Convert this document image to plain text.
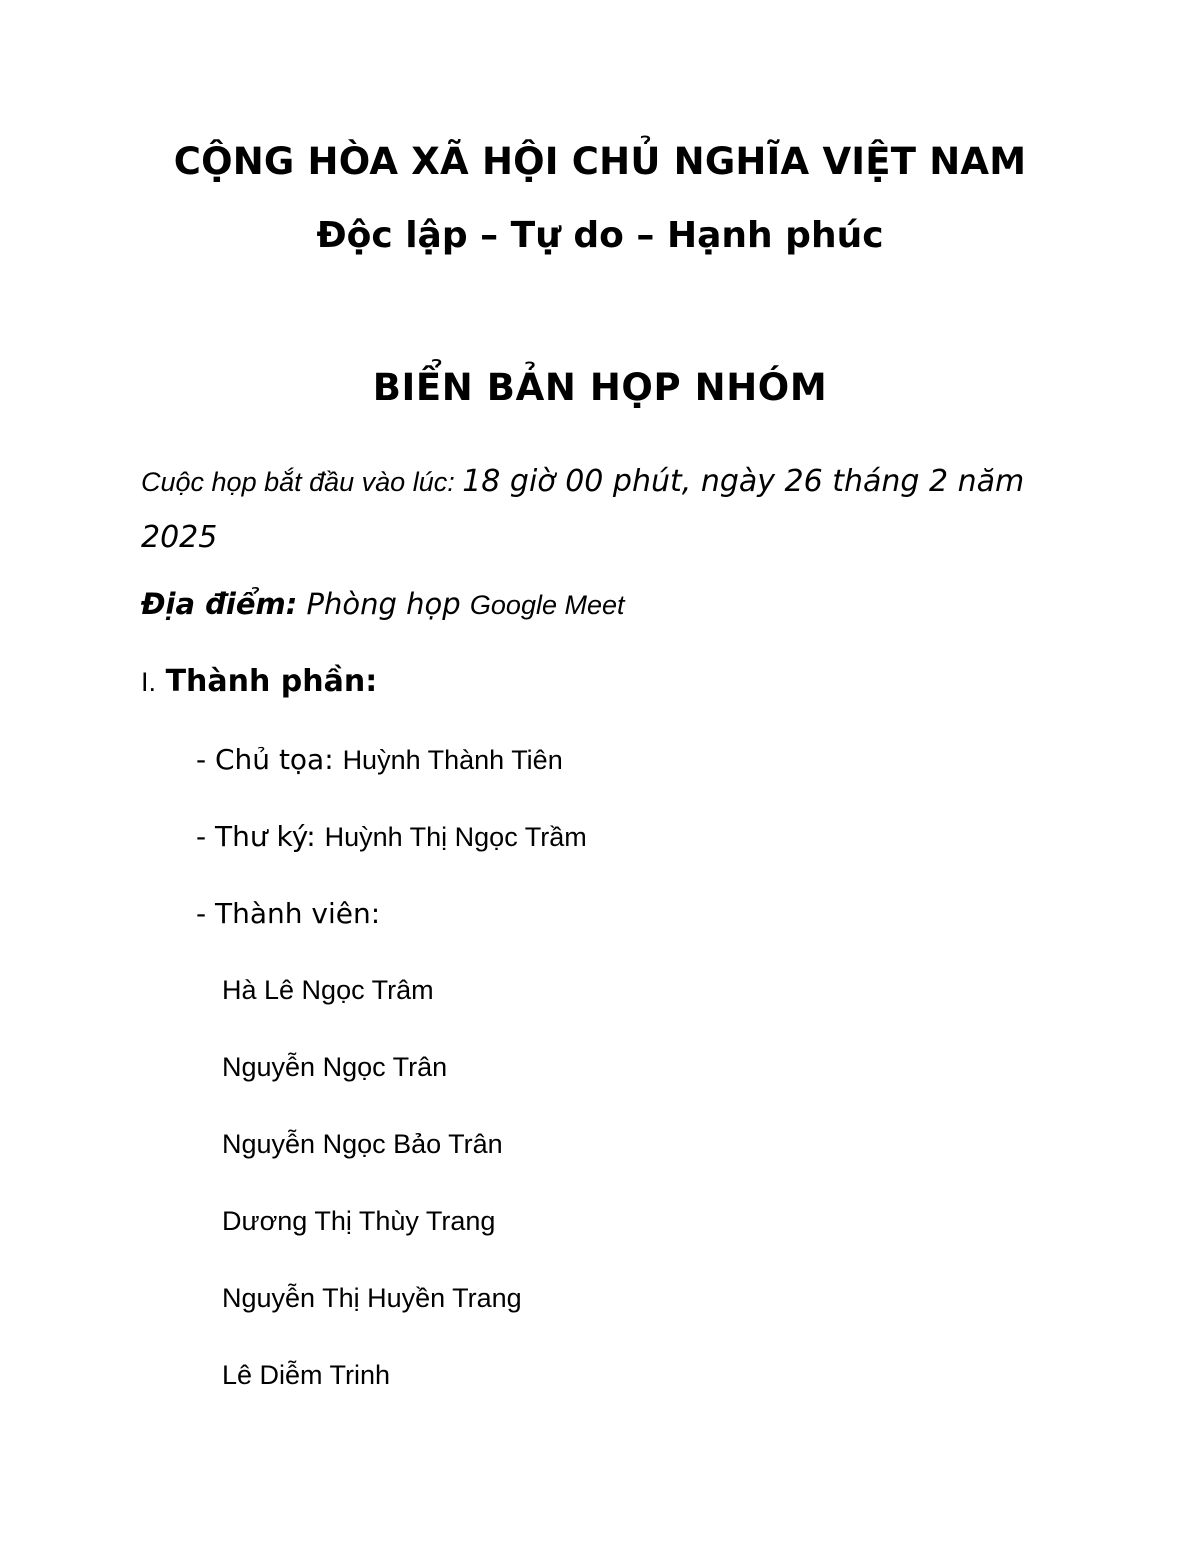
CỘNG HÒA XÃ HỘI CHỦ NGHĨA VIỆT NAM
Độc lập – Tự do – Hạnh phúc
BIỂN BẢN HỌP NHÓM
Cuộc họp bắt đầu vào lúc: 18 giờ 00 phút, ngày 26 tháng 2 năm 2025
Địa điểm: Phòng họp Google Meet
I. Thành phần:
- Chủ tọa: Huỳnh Thành Tiên
- Thư ký: Huỳnh Thị Ngọc Trầm
- Thành viên:
Hà Lê Ngọc Trâm
Nguyễn Ngọc Trân
Nguyễn Ngọc Bảo Trân
Dương Thị Thùy Trang
Nguyễn Thị Huyền Trang
Lê Diễm Trinh
